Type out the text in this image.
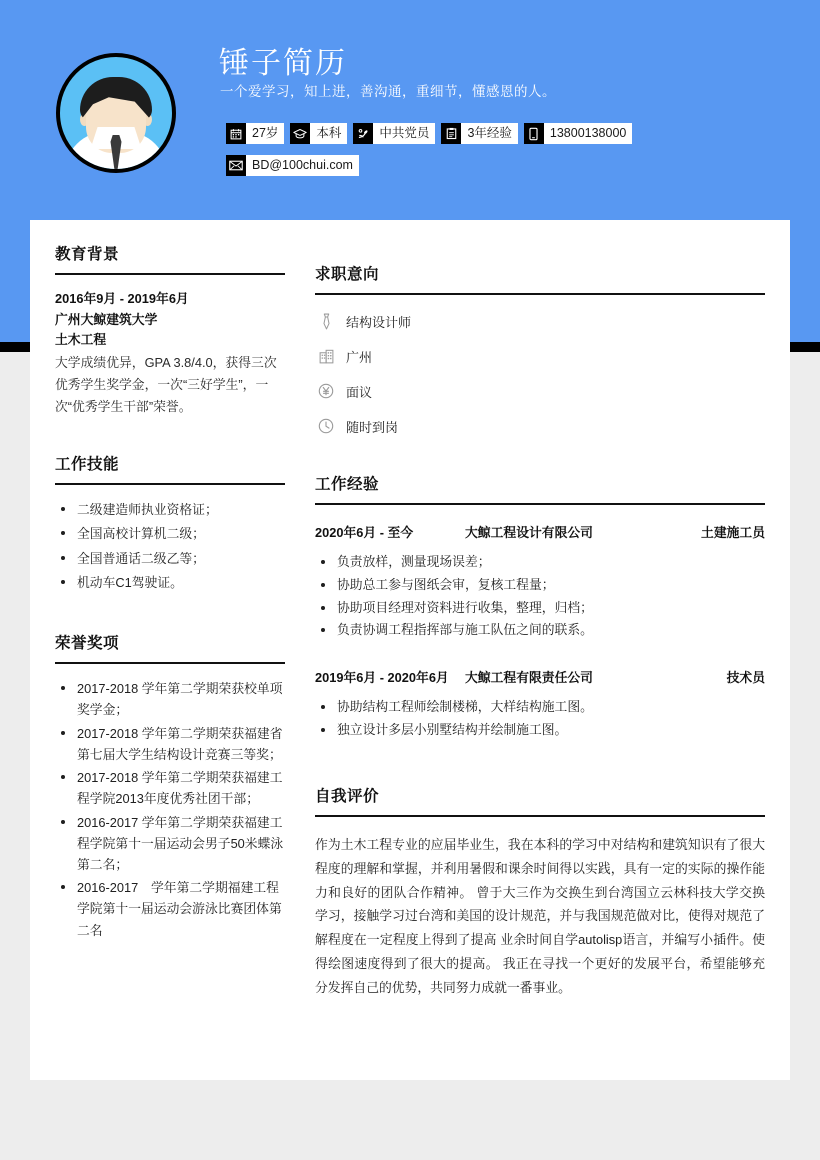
锤子简历
一个爱学习，知上进，善沟通，重细节，懂感恩的人。
27岁	本科	中共党员	3年经验	13800138000
BD@100chui.com
教育背景
2016年9月 - 2019年6月
广州大鲸建筑大学
土木工程
大学成绩优异，GPA 3.8/4.0，获得三次优秀学生奖学金，一次“三好学生”，一次“优秀学生干部”荣誉。
工作技能
二级建造师执业资格证；
全国高校计算机二级；
全国普通话二级乙等；
机动车C1驾驶证。
荣誉奖项
2017-2018 学年第二学期荣获校单项奖学金；
2017-2018 学年第二学期荣获福建省第七届大学生结构设计竞赛三等奖；
2017-2018 学年第二学期荣获福建工程学院2013年度优秀社团干部；
2016-2017 学年第二学期荣获福建工程学院第十一届运动会男子50米蝶泳第二名；
2016-2017　学年第二学期福建工程学院第十一届运动会游泳比赛团体第二名
求职意向
结构设计师
广州
面议
随时到岗
工作经验
2020年6月 - 至今	大鲸工程设计有限公司	土建施工员
负责放样，测量现场误差；
协助总工参与图纸会审，复核工程量；
协助项目经理对资料进行收集，整理，归档；
负责协调工程指挥部与施工队伍之间的联系。
2019年6月 - 2020年6月	大鲸工程有限责任公司	技术员
协助结构工程师绘制楼梯，大样结构施工图。
独立设计多层小别墅结构并绘制施工图。
自我评价
作为土木工程专业的应届毕业生，我在本科的学习中对结构和建筑知识有了很大程度的理解和掌握，并利用暑假和课余时间得以实践，具有一定的实际的操作能力和良好的团队合作精神。 曾于大三作为交换生到台湾国立云林科技大学交换学习，接触学习过台湾和美国的设计规范，并与我国规范做对比，使得对规范了解程度在一定程度上得到了提高 业余时间自学autolisp语言，并编写小插件。使得绘图速度得到了很大的提高。 我正在寻找一个更好的发展平台，希望能够充分发挥自己的优势，共同努力成就一番事业。
